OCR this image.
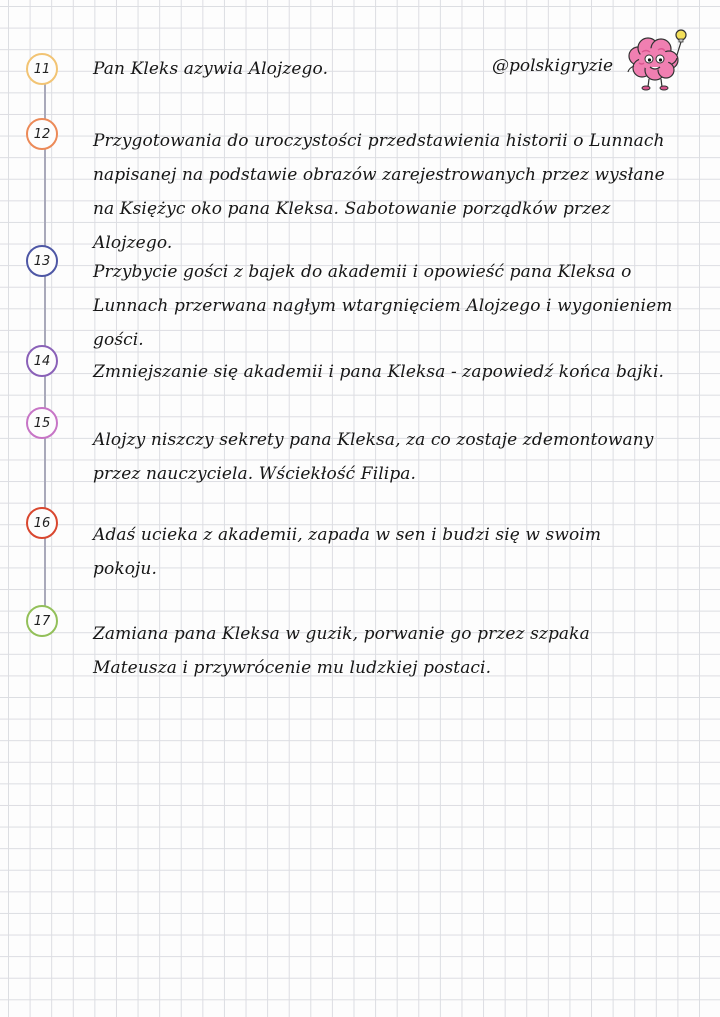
@polskigryzie
11	Pan Kleks azywia Alojzego.
12	Przygotowania do uroczystości przedstawienia historii o Lunnach napisanej na podstawie obrazów zarejestrowanych przez wysłane na Księżyc oko pana Kleksa. Sabotowanie porządków przez Alojzego.
13
Przybycie gości z bajek do akademii i opowieść pana Kleksa o Lunnach przerwana nagłym wtargnięciem Alojzego i wygonieniem gości.
14
Zmniejszanie się akademii i pana Kleksa - zapowiedź końca bajki.
15
Alojzy niszczy sekrety pana Kleksa, za co zostaje zdemontowany przez nauczyciela. Wściekłość Filipa.
16
Adaś ucieka z akademii, zapada w sen i budzi się w swoim pokoju.
17
Zamiana pana Kleksa w guzik, porwanie go przez szpaka Mateusza i przywrócenie mu ludzkiej postaci.
